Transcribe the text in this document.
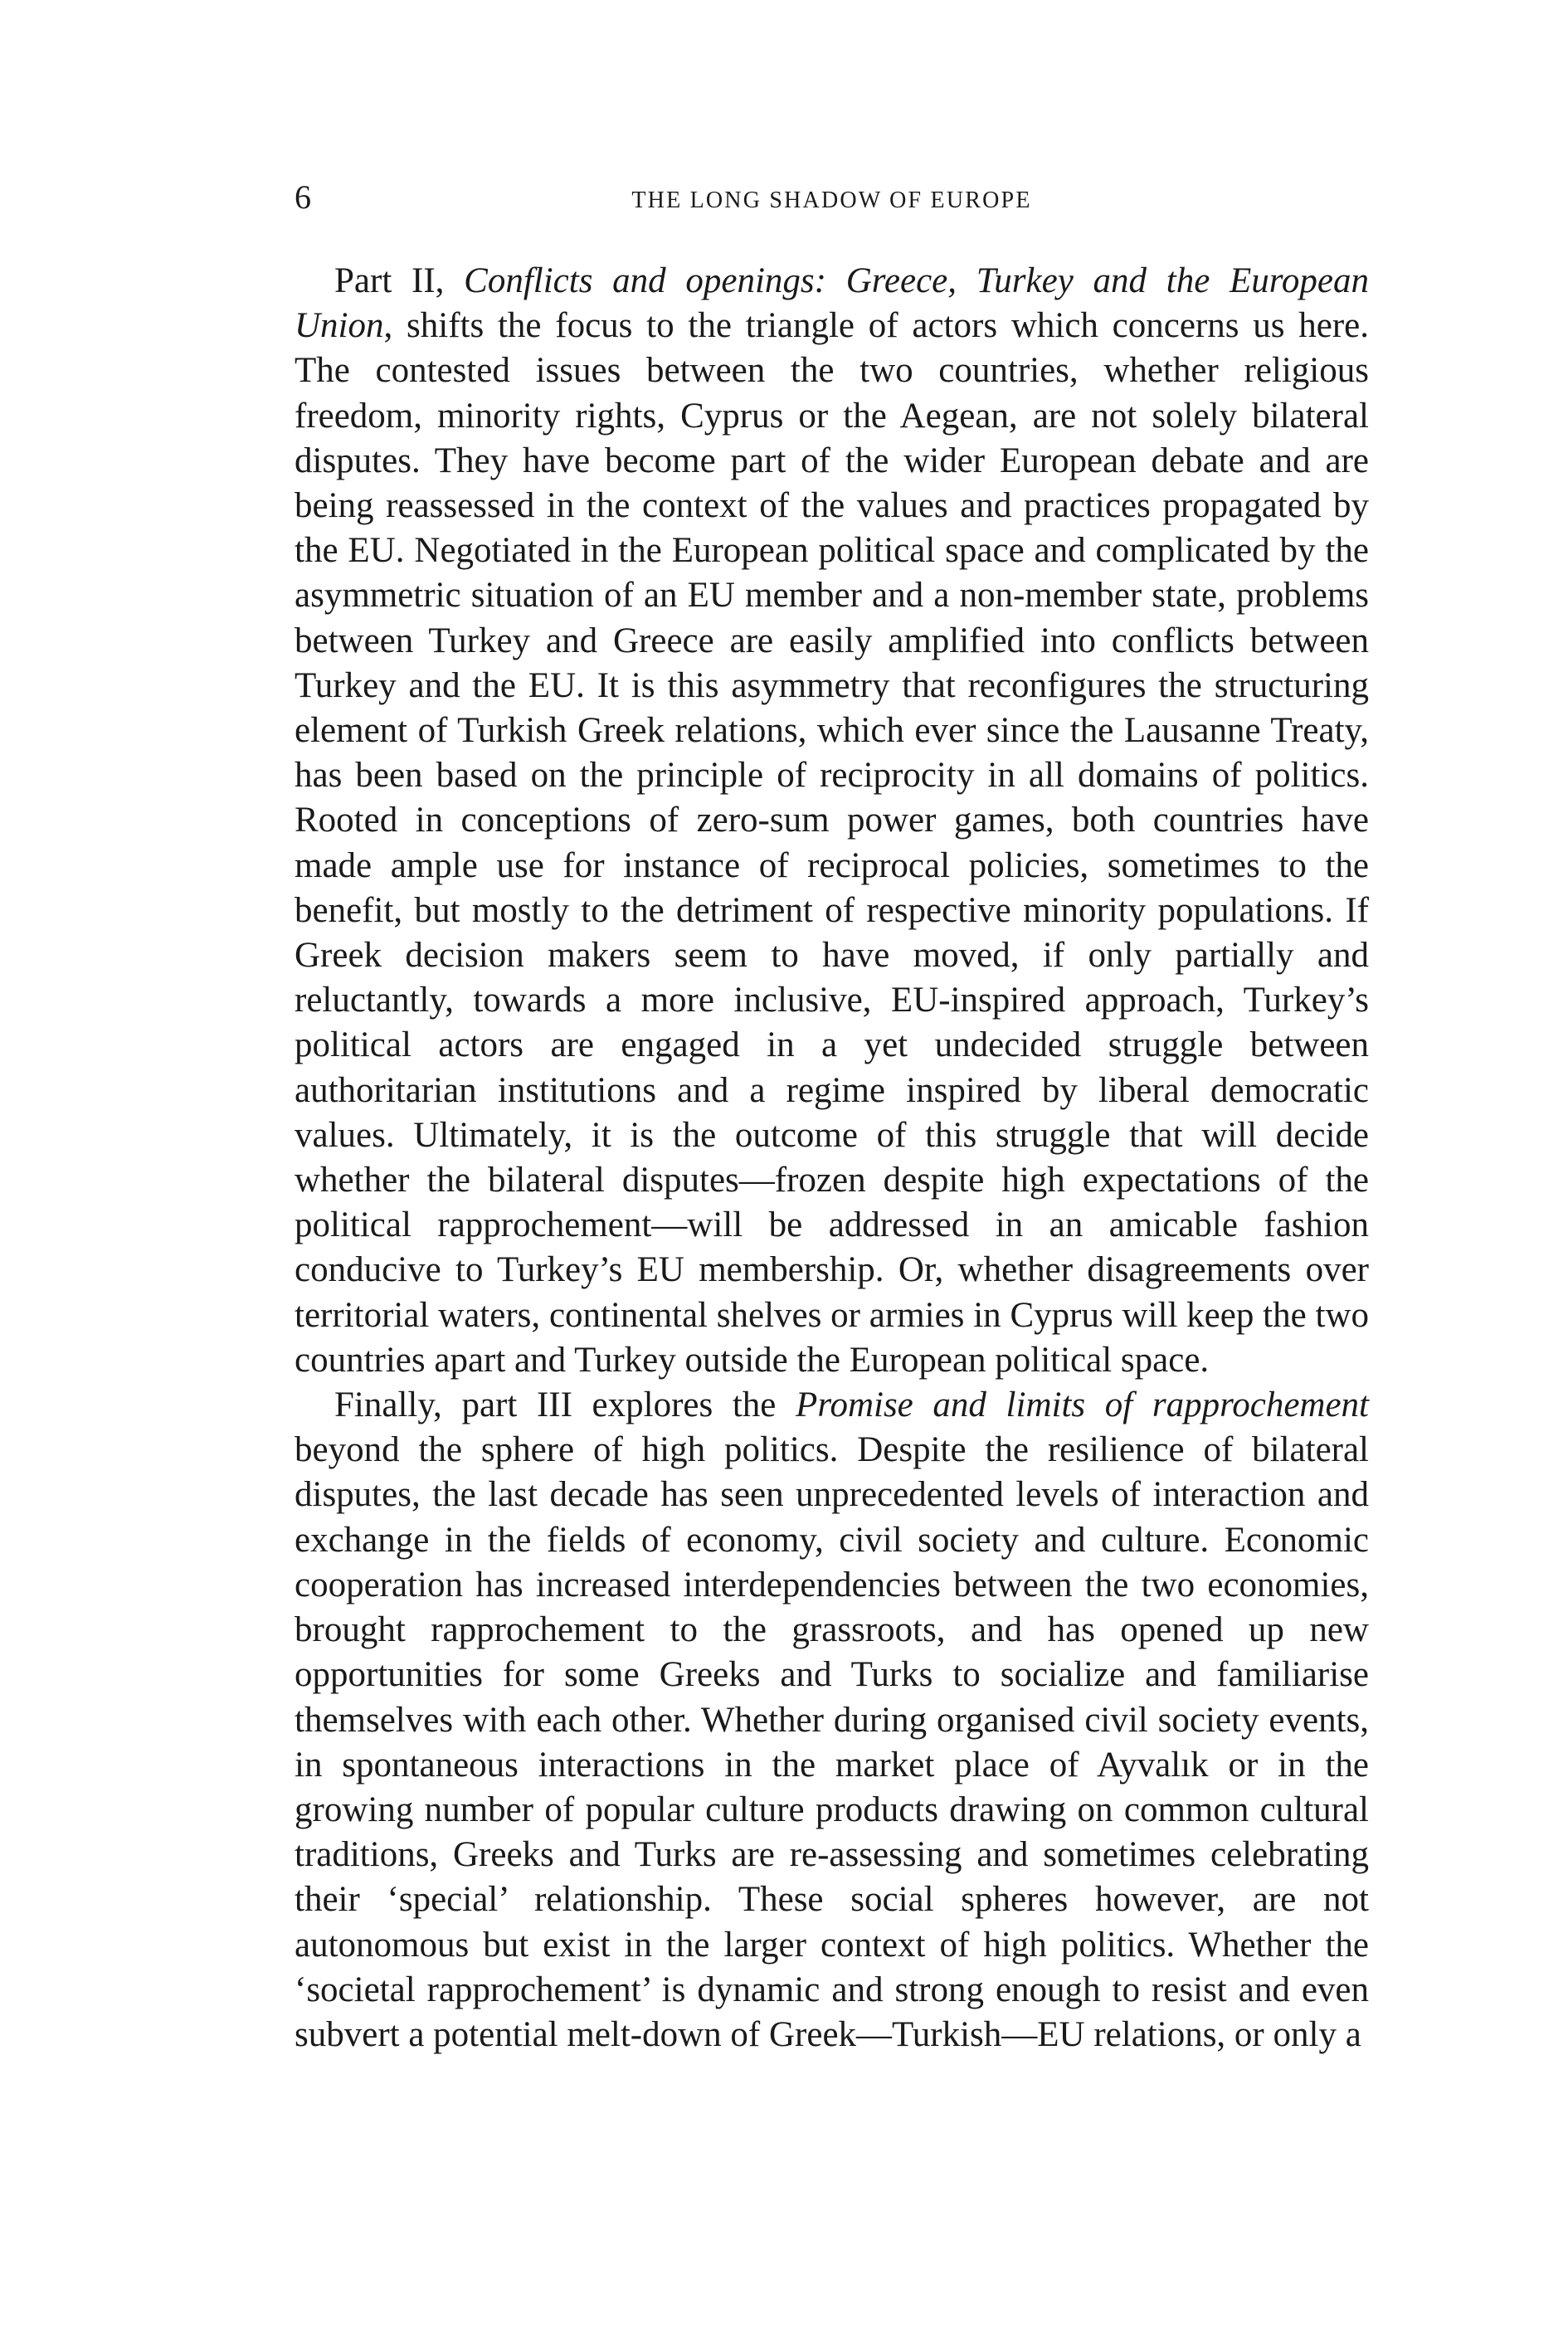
6	THE LONG SHADOW OF EUROPE

Part II, Conflicts and openings: Greece, Turkey and the European Union, shifts the focus to the triangle of actors which concerns us here. The contested issues between the two countries, whether religious freedom, minority rights, Cyprus or the Aegean, are not solely bilateral disputes. They have become part of the wider European debate and are being reassessed in the context of the values and practices propagated by the EU. Negotiated in the European political space and complicated by the asymmetric situation of an EU member and a non-member state, problems between Turkey and Greece are easily amplified into conflicts between Turkey and the EU. It is this asymmetry that reconfigures the structuring element of Turkish Greek relations, which ever since the Lausanne Treaty, has been based on the principle of reciprocity in all domains of politics. Rooted in conceptions of zero-sum power games, both countries have made ample use for instance of reciprocal policies, sometimes to the benefit, but mostly to the detriment of respective minority populations. If Greek decision makers seem to have moved, if only partially and reluctantly, towards a more inclusive, EU-inspired approach, Turkey’s political actors are engaged in a yet undecided struggle between authoritarian institutions and a regime inspired by liberal democratic values. Ultimately, it is the outcome of this struggle that will decide whether the bilateral disputes—frozen despite high expectations of the political rapprochement—will be addressed in an amicable fashion conducive to Turkey’s EU membership. Or, whether disagreements over territorial waters, continental shelves or armies in Cyprus will keep the two countries apart and Turkey outside the European political space.

Finally, part III explores the Promise and limits of rapprochement beyond the sphere of high politics. Despite the resilience of bilateral disputes, the last decade has seen unprecedented levels of interaction and exchange in the fields of economy, civil society and culture. Economic cooperation has increased interdependencies between the two economies, brought rapprochement to the grassroots, and has opened up new opportunities for some Greeks and Turks to socialize and familiarise themselves with each other. Whether during organised civil society events, in spontaneous interactions in the market place of Ayvalık or in the growing number of popular culture products drawing on common cultural traditions, Greeks and Turks are re-assessing and sometimes celebrating their ‘special’ relationship. These social spheres however, are not autonomous but exist in the larger context of high politics. Whether the ‘societal rapprochement’ is dynamic and strong enough to resist and even subvert a potential melt-down of Greek—Turkish—EU relations, or only a
